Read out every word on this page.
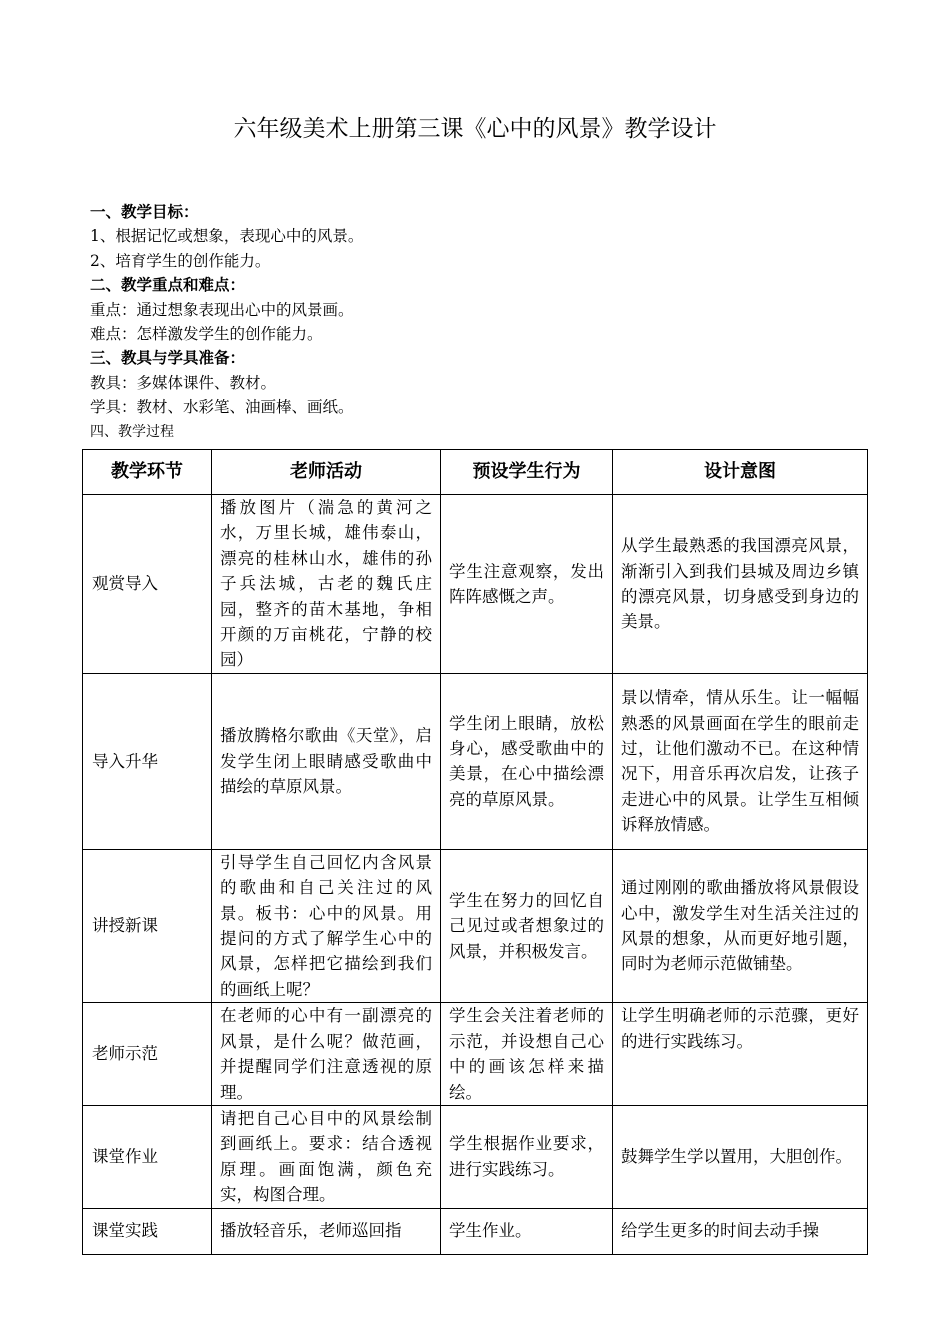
六年级美术上册第三课《心中的风景》教学设计
一、教学目标：
1、根据记忆或想象，表现心中的风景。
2、培育学生的创作能力。
二、教学重点和难点：
重点：通过想象表现出心中的风景画。
难点：怎样激发学生的创作能力。
三、教具与学具准备：
教具：多媒体课件、教材。
学具：教材、水彩笔、油画棒、画纸。
四、教学过程
教学环节	老师活动	预设学生行为	设计意图
观赏导入	播放图片（湍急的黄河之水，万里长城，雄伟泰山，漂亮的桂林山水，雄伟的孙子兵法城，古老的魏氏庄园，整齐的苗木基地，争相开颜的万亩桃花，宁静的校园）	学生注意观察，发出阵阵感慨之声。	从学生最熟悉的我国漂亮风景，渐渐引入到我们县城及周边乡镇的漂亮风景，切身感受到身边的美景。
导入升华	播放腾格尔歌曲《天堂》，启发学生闭上眼睛感受歌曲中描绘的草原风景。	学生闭上眼睛，放松身心，感受歌曲中的美景，在心中描绘漂亮的草原风景。	景以情牵，情从乐生。让一幅幅熟悉的风景画面在学生的眼前走过，让他们激动不已。在这种情况下，用音乐再次启发，让孩子走进心中的风景。让学生互相倾诉释放情感。
讲授新课	引导学生自己回忆内含风景的歌曲和自己关注过的风景。板书：心中的风景。用提问的方式了解学生心中的风景，怎样把它描绘到我们的画纸上呢？	学生在努力的回忆自己见过或者想象过的风景，并积极发言。	通过刚刚的歌曲播放将风景假设心中，激发学生对生活关注过的风景的想象，从而更好地引题，同时为老师示范做铺垫。
老师示范	在老师的心中有一副漂亮的风景，是什么呢？做范画，并提醒同学们注意透视的原理。	学生会关注着老师的示范，并设想自己心中的画该怎样来描绘。	让学生明确老师的示范骤，更好的进行实践练习。
课堂作业	请把自己心目中的风景绘制到画纸上。要求：结合透视原理。画面饱满，颜色充实，构图合理。	学生根据作业要求，进行实践练习。	鼓舞学生学以置用，大胆创作。
课堂实践	播放轻音乐，老师巡回指	学生作业。	给学生更多的时间去动手操
